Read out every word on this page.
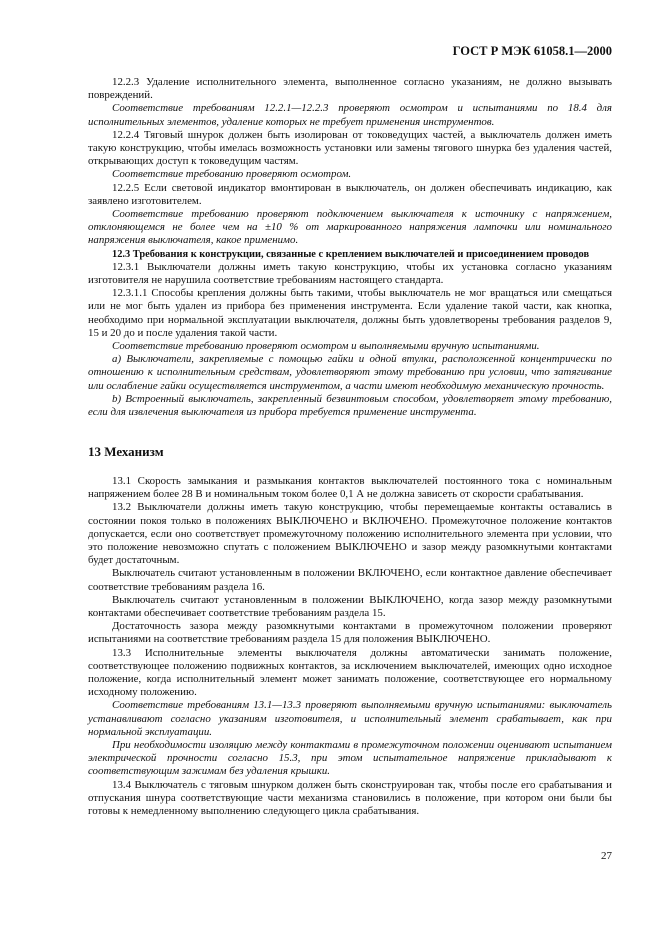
ГОСТ Р МЭК 61058.1—2000

12.2.3 Удаление исполнительного элемента, выполненное согласно указаниям, не должно вызывать повреждений.

Соответствие требованиям 12.2.1—12.2.3 проверяют осмотром и испытаниями по 18.4 для исполнительных элементов, удаление которых не требует применения инструментов.

12.2.4 Тяговый шнурок должен быть изолирован от токоведущих частей, а выключатель должен иметь такую конструкцию, чтобы имелась возможность установки или замены тягового шнурка без удаления частей, открывающих доступ к токоведущим частям.

Соответствие требованию проверяют осмотром.

12.2.5 Если световой индикатор вмонтирован в выключатель, он должен обеспечивать индикацию, как заявлено изготовителем.

Соответствие требованию проверяют подключением выключателя к источнику с напряжением, отклоняющемся не более чем на ±10 % от маркированного напряжения лампочки или номинального напряжения выключателя, какое применимо.

12.3 Требования к конструкции, связанные с креплением выключателей и присоединением проводов

12.3.1 Выключатели должны иметь такую конструкцию, чтобы их установка согласно указаниям изготовителя не нарушила соответствие требованиям настоящего стандарта.

12.3.1.1 Способы крепления должны быть такими, чтобы выключатель не мог вращаться или смещаться или не мог быть удален из прибора без применения инструмента. Если удаление такой части, как кнопка, необходимо при нормальной эксплуатации выключателя, должны быть удовлетворены требования разделов 9, 15 и 20 до и после удаления такой части.

Соответствие требованию проверяют осмотром и выполняемыми вручную испытаниями.

a) Выключатели, закрепляемые с помощью гайки и одной втулки, расположенной концентрически по отношению к исполнительным средствам, удовлетворяют этому требованию при условии, что затягивание или ослабление гайки осуществляется инструментом, а части имеют необходимую механическую прочность.

b) Встроенный выключатель, закрепленный безвинтовым способом, удовлетворяет этому требованию, если для извлечения выключателя из прибора требуется применение инструмента.

13 Механизм

13.1 Скорость замыкания и размыкания контактов выключателей постоянного тока с номинальным напряжением более 28 В и номинальным током более 0,1 А не должна зависеть от скорости срабатывания.

13.2 Выключатели должны иметь такую конструкцию, чтобы перемещаемые контакты оставались в состоянии покоя только в положениях ВЫКЛЮЧЕНО и ВКЛЮЧЕНО. Промежуточное положение контактов допускается, если оно соответствует промежуточному положению исполнительного элемента при условии, что это положение невозможно спутать с положением ВЫКЛЮЧЕНО и зазор между разомкнутыми контактами будет достаточным.

Выключатель считают установленным в положении ВКЛЮЧЕНО, если контактное давление обеспечивает соответствие требованиям раздела 16.

Выключатель считают установленным в положении ВЫКЛЮЧЕНО, когда зазор между разомкнутыми контактами обеспечивает соответствие требованиям раздела 15.

Достаточность зазора между разомкнутыми контактами в промежуточном положении проверяют испытаниями на соответствие требованиям раздела 15 для положения ВЫКЛЮЧЕНО.

13.3 Исполнительные элементы выключателя должны автоматически занимать положение, соответствующее положению подвижных контактов, за исключением выключателей, имеющих одно исходное положение, когда исполнительный элемент может занимать положение, соответствующее его нормальному исходному положению.

Соответствие требованиям 13.1—13.3 проверяют выполняемыми вручную испытаниями: выключатель устанавливают согласно указаниям изготовителя, и исполнительный элемент срабатывает, как при нормальной эксплуатации.

При необходимости изоляцию между контактами в промежуточном положении оценивают испытанием электрической прочности согласно 15.3, при этом испытательное напряжение прикладывают к соответствующим зажимам без удаления крышки.

13.4 Выключатель с тяговым шнурком должен быть сконструирован так, чтобы после его срабатывания и отпускания шнура соответствующие части механизма становились в положение, при котором они были бы готовы к немедленному выполнению следующего цикла срабатывания.

27
